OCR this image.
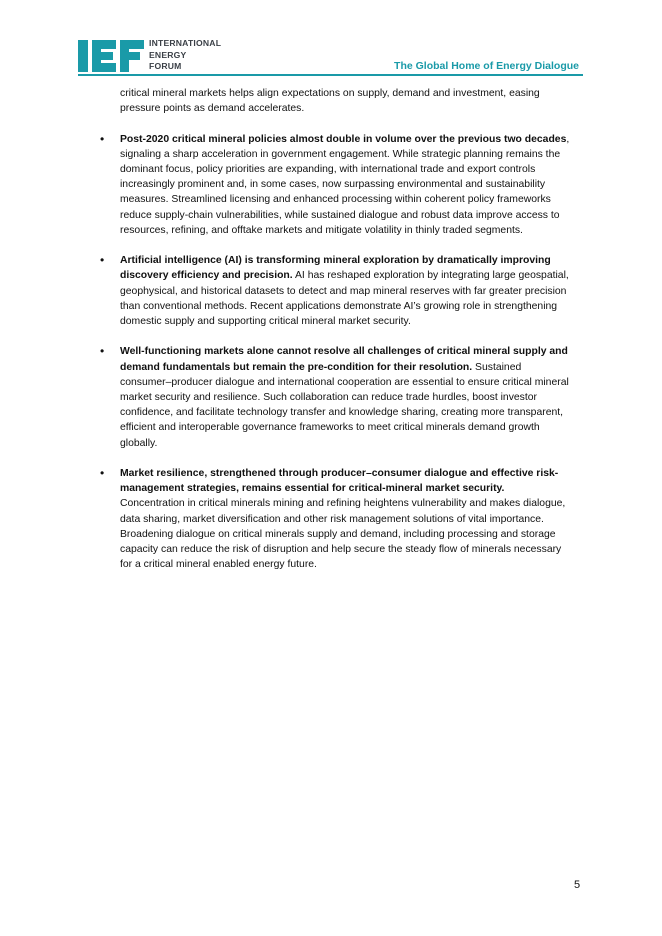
INTERNATIONAL
ENERGY
FORUM	The Global Home of Energy Dialogue

critical mineral markets helps align expectations on supply, demand and investment, easing pressure points as demand accelerates.

• Post-2020 critical mineral policies almost double in volume over the previous two decades, signaling a sharp acceleration in government engagement. While strategic planning remains the dominant focus, policy priorities are expanding, with international trade and export controls increasingly prominent and, in some cases, now surpassing environmental and sustainability measures. Streamlined licensing and enhanced processing within coherent policy frameworks reduce supply-chain vulnerabilities, while sustained dialogue and robust data improve access to resources, refining, and offtake markets and mitigate volatility in thinly traded segments.
• Artificial intelligence (AI) is transforming mineral exploration by dramatically improving discovery efficiency and precision. AI has reshaped exploration by integrating large geospatial, geophysical, and historical datasets to detect and map mineral reserves with far greater precision than conventional methods. Recent applications demonstrate AI’s growing role in strengthening domestic supply and supporting critical mineral market security.
• Well-functioning markets alone cannot resolve all challenges of critical mineral supply and demand fundamentals but remain the pre-condition for their resolution. Sustained consumer–producer dialogue and international cooperation are essential to ensure critical mineral market security and resilience. Such collaboration can reduce trade hurdles, boost investor confidence, and facilitate technology transfer and knowledge sharing, creating more transparent, efficient and interoperable governance frameworks to meet critical minerals demand growth globally.
• Market resilience, strengthened through producer–consumer dialogue and effective risk-management strategies, remains essential for critical-mineral market security. Concentration in critical minerals mining and refining heightens vulnerability and makes dialogue, data sharing, market diversification and other risk management solutions of vital importance. Broadening dialogue on critical minerals supply and demand, including processing and storage capacity can reduce the risk of disruption and help secure the steady flow of minerals necessary for a critical mineral enabled energy future.
5
